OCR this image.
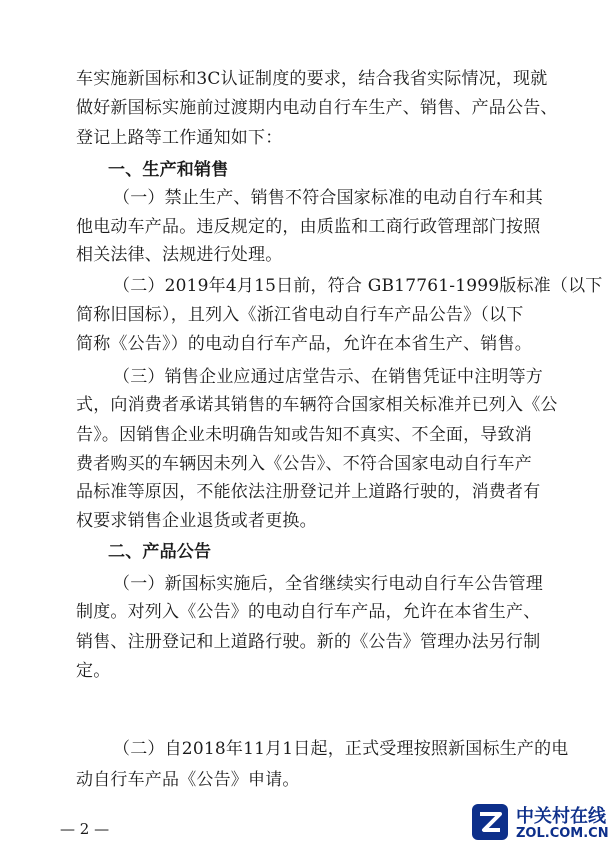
车实施新国标和3C认证制度的要求，结合我省实际情况，现就
做好新国标实施前过渡期内电动自行车生产、销售、产品公告、
登记上路等工作通知如下：
一、生产和销售
（一）禁止生产、销售不符合国家标准的电动自行车和其
他电动车产品。违反规定的，由质监和工商行政管理部门按照
相关法律、法规进行处理。
（二）2019年4月15日前，符合 GB17761-1999版标准（以下
简称旧国标），且列入《浙江省电动自行车产品公告》（以下
简称《公告》）的电动自行车产品，允许在本省生产、销售。
（三）销售企业应通过店堂告示、在销售凭证中注明等方
式，向消费者承诺其销售的车辆符合国家相关标准并已列入《公
告》。因销售企业未明确告知或告知不真实、不全面，导致消
费者购买的车辆因未列入《公告》、不符合国家电动自行车产
品标准等原因，不能依法注册登记并上道路行驶的，消费者有
权要求销售企业退货或者更换。
二、产品公告
（一）新国标实施后，全省继续实行电动自行车公告管理
制度。对列入《公告》的电动自行车产品，允许在本省生产、
销售、注册登记和上道路行驶。新的《公告》管理办法另行制
定。
（二）自2018年11月1日起，正式受理按照新国标生产的电
动自行车产品《公告》申请。
— 2 —
中关村在线
ZOL.COM.CN
